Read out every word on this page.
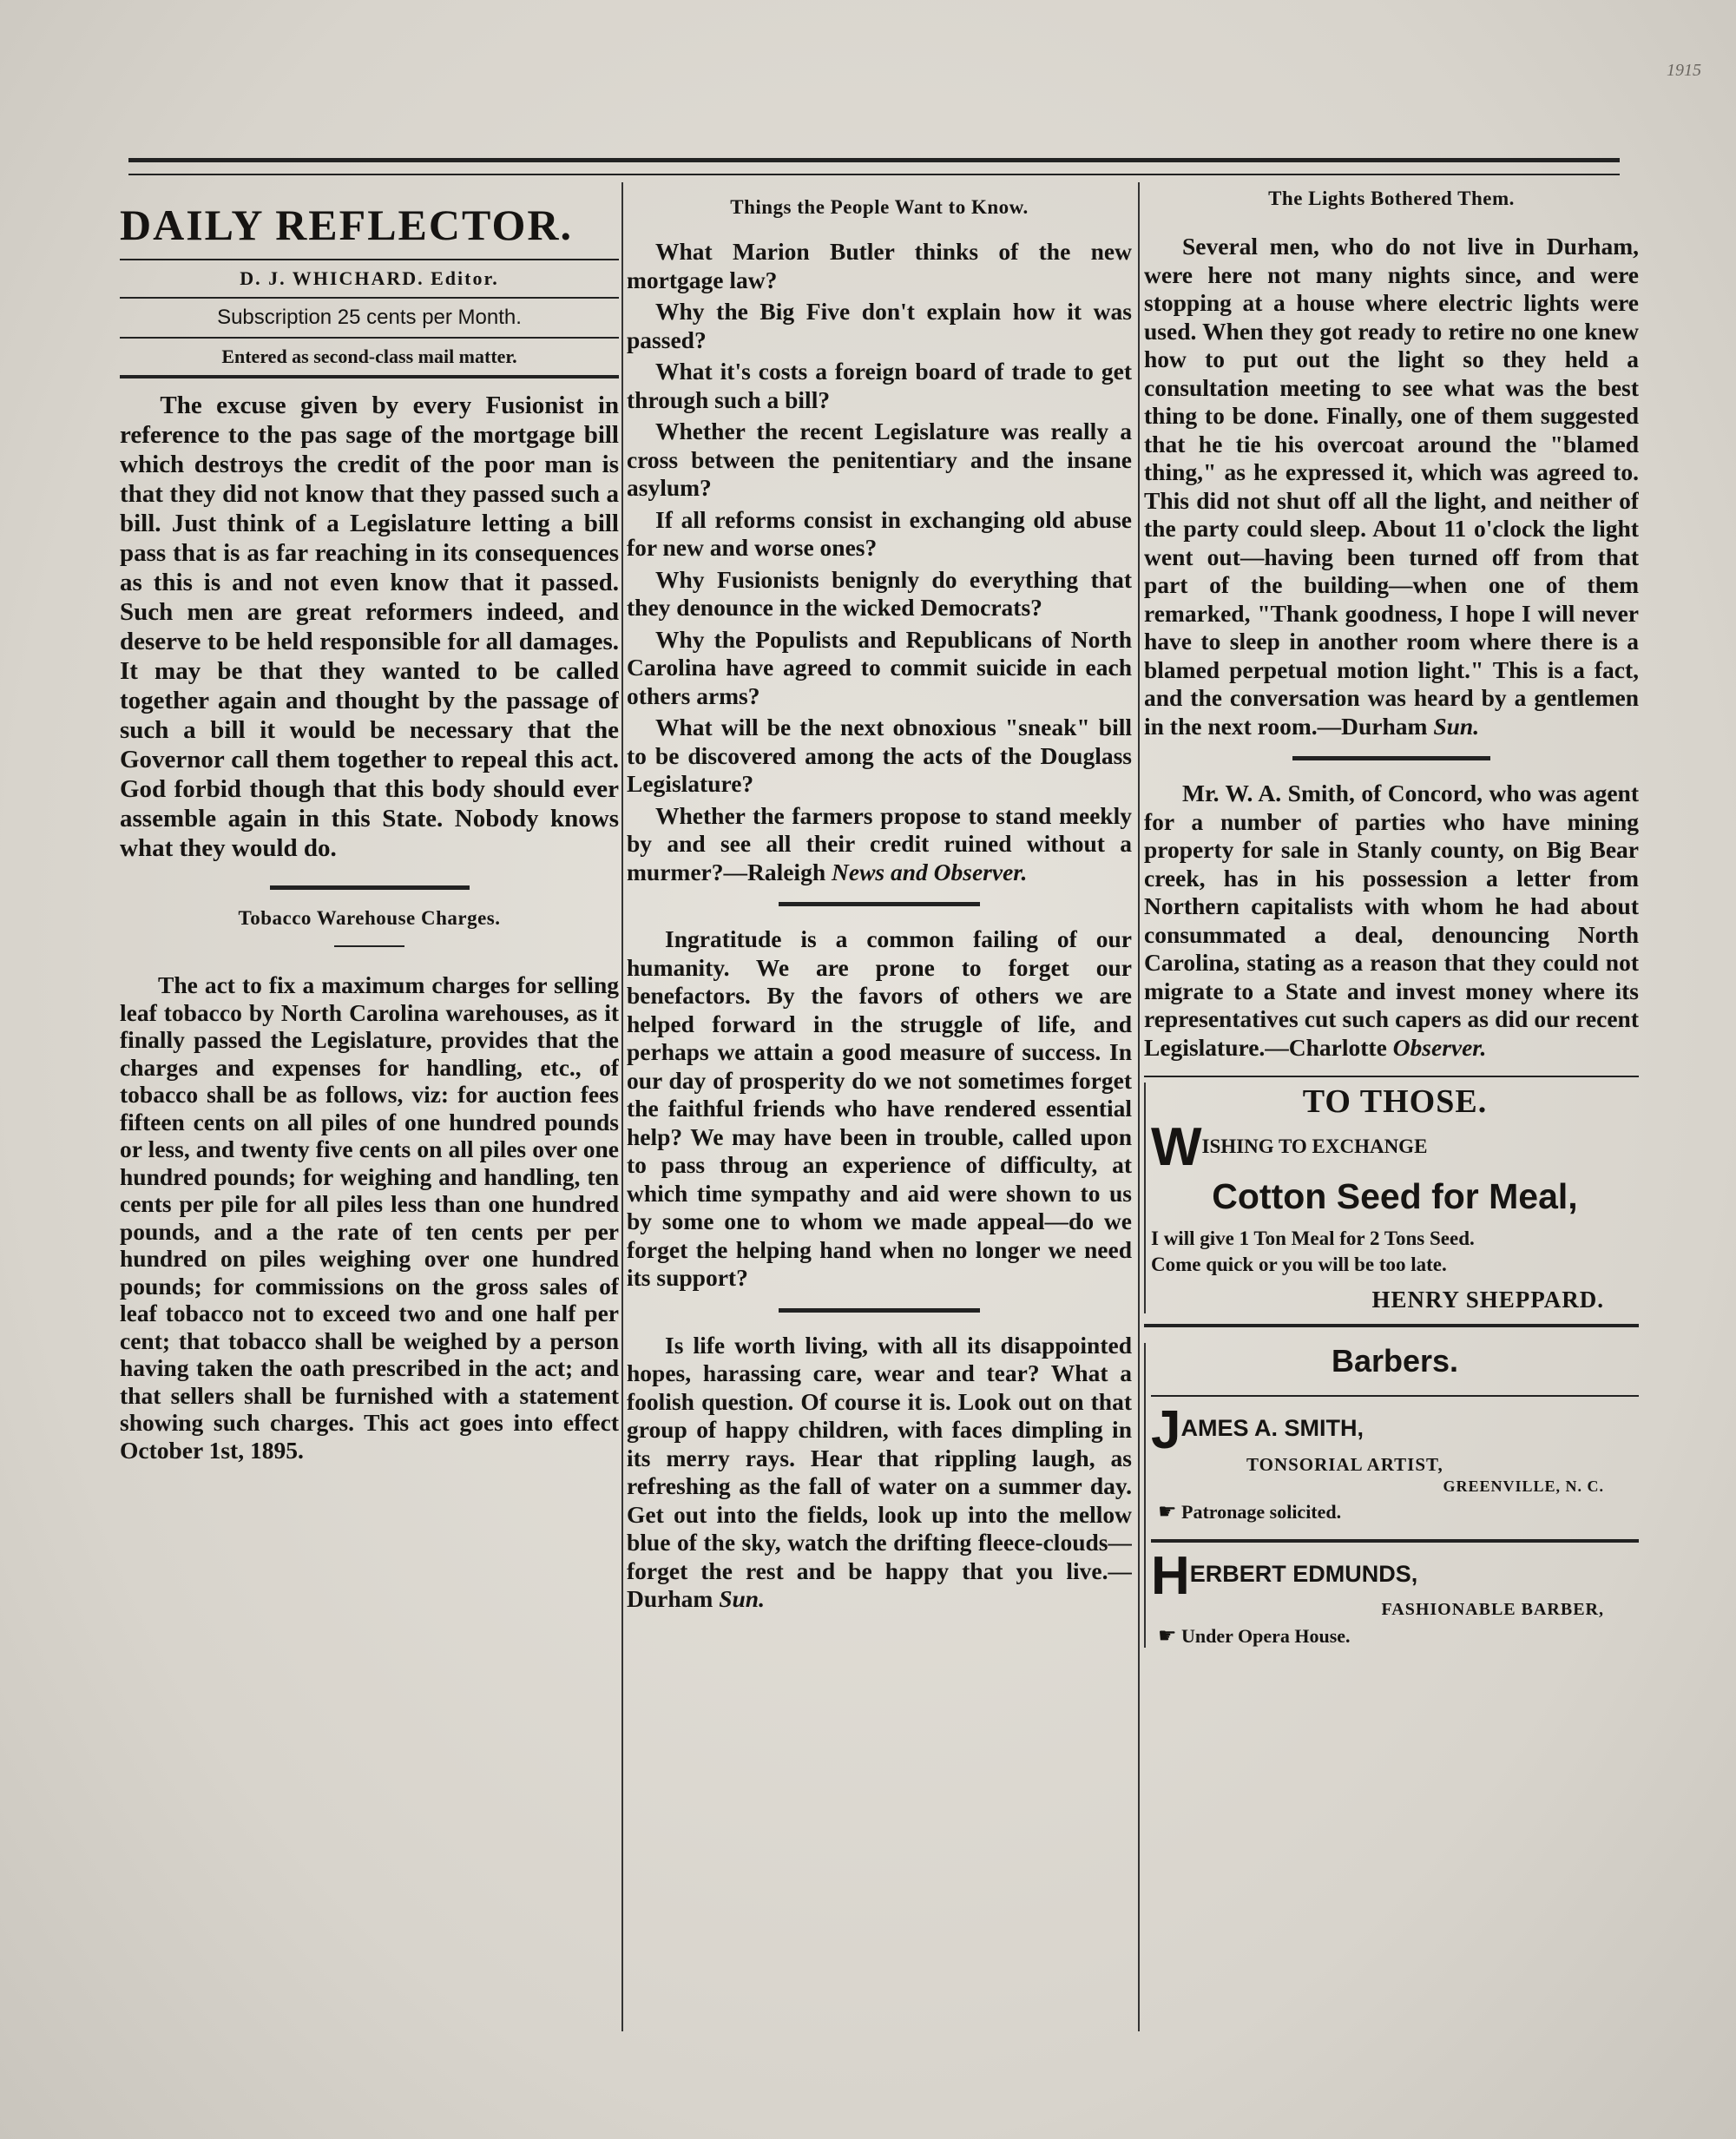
1915
DAILY REFLECTOR.
D. J. WHICHARD. Editor.
Subscription 25 cents per Month.
Entered as second-class mail matter.

The excuse given by every Fusionist in reference to the pas sage of the mortgage bill which destroys the credit of the poor man is that they did not know that they passed such a bill. Just think of a Legislature letting a bill pass that is as far reaching in its consequences as this is and not even know that it passed. Such men are great reformers indeed, and deserve to be held responsible for all damages. It may be that they wanted to be called together again and thought by the passage of such a bill it would be necessary that the Governor call them together to repeal this act. God forbid though that this body should ever assemble again in this State. Nobody knows what they would do.

Tobacco Warehouse Charges.

The act to fix a maximum charges for selling leaf tobacco by North Carolina warehouses, as it finally passed the Legislature, provides that the charges and expenses for handling, etc., of tobacco shall be as follows, viz: for auction fees fifteen cents on all piles of one hundred pounds or less, and twenty five cents on all piles over one hundred pounds; for weighing and handling, ten cents per pile for all piles less than one hundred pounds, and a the rate of ten cents per per hundred on piles weighing over one hundred pounds; for commissions on the gross sales of leaf tobacco not to exceed two and one half per cent; that tobacco shall be weighed by a person having taken the oath prescribed in the act; and that sellers shall be furnished with a statement showing such charges. This act goes into effect October 1st, 1895.

Things the People Want to Know.

What Marion Butler thinks of the new mortgage law?

Why the Big Five don't explain how it was passed?

What it's costs a foreign board of trade to get through such a bill?

Whether the recent Legislature was really a cross between the penitentiary and the insane asylum?

If all reforms consist in exchanging old abuse for new and worse ones?

Why Fusionists benignly do everything that they denounce in the wicked Democrats?

Why the Populists and Republicans of North Carolina have agreed to commit suicide in each others arms?

What will be the next obnoxious "sneak" bill to be discovered among the acts of the Douglass Legislature?

Whether the farmers propose to stand meekly by and see all their credit ruined without a murmer?—Raleigh News and Observer.

Ingratitude is a common failing of our humanity. We are prone to forget our benefactors. By the favors of others we are helped forward in the struggle of life, and perhaps we attain a good measure of success. In our day of prosperity do we not sometimes forget the faithful friends who have rendered essential help? We may have been in trouble, called upon to pass throug an experience of difficulty, at which time sympathy and aid were shown to us by some one to whom we made appeal—do we forget the helping hand when no longer we need its support?

Is life worth living, with all its disappointed hopes, harassing care, wear and tear? What a foolish question. Of course it is. Look out on that group of happy children, with faces dimpling in its merry rays. Hear that rippling laugh, as refreshing as the fall of water on a summer day. Get out into the fields, look up into the mellow blue of the sky, watch the drifting fleece-clouds—forget the rest and be happy that you live.—Durham Sun.

The Lights Bothered Them.

Several men, who do not live in Durham, were here not many nights since, and were stopping at a house where electric lights were used. When they got ready to retire no one knew how to put out the light so they held a consultation meeting to see what was the best thing to be done. Finally, one of them suggested that he tie his overcoat around the "blamed thing," as he expressed it, which was agreed to. This did not shut off all the light, and neither of the party could sleep. About 11 o'clock the light went out—having been turned off from that part of the building—when one of them remarked, "Thank goodness, I hope I will never have to sleep in another room where there is a blamed perpetual motion light." This is a fact, and the conversation was heard by a gentlemen in the next room.—Durham Sun.

Mr. W. A. Smith, of Concord, who was agent for a number of parties who have mining property for sale in Stanly county, on Big Bear creek, has in his possession a letter from Northern capitalists with whom he had about consummated a deal, denouncing North Carolina, stating as a reason that they could not migrate to a State and invest money where its representatives cut such capers as did our recent Legislature.—Charlotte Observer.

TO THOSE.
WISHING TO EXCHANGE
Cotton Seed for Meal,
I will give 1 Ton Meal for 2 Tons Seed.
Come quick or you will be too late.
HENRY SHEPPARD.
Barbers.
JAMES A. SMITH,
TONSORIAL ARTIST,
GREENVILLE, N. C.
☛ Patronage solicited.
HERBERT EDMUNDS,
FASHIONABLE BARBER,
☛ Under Opera House.
